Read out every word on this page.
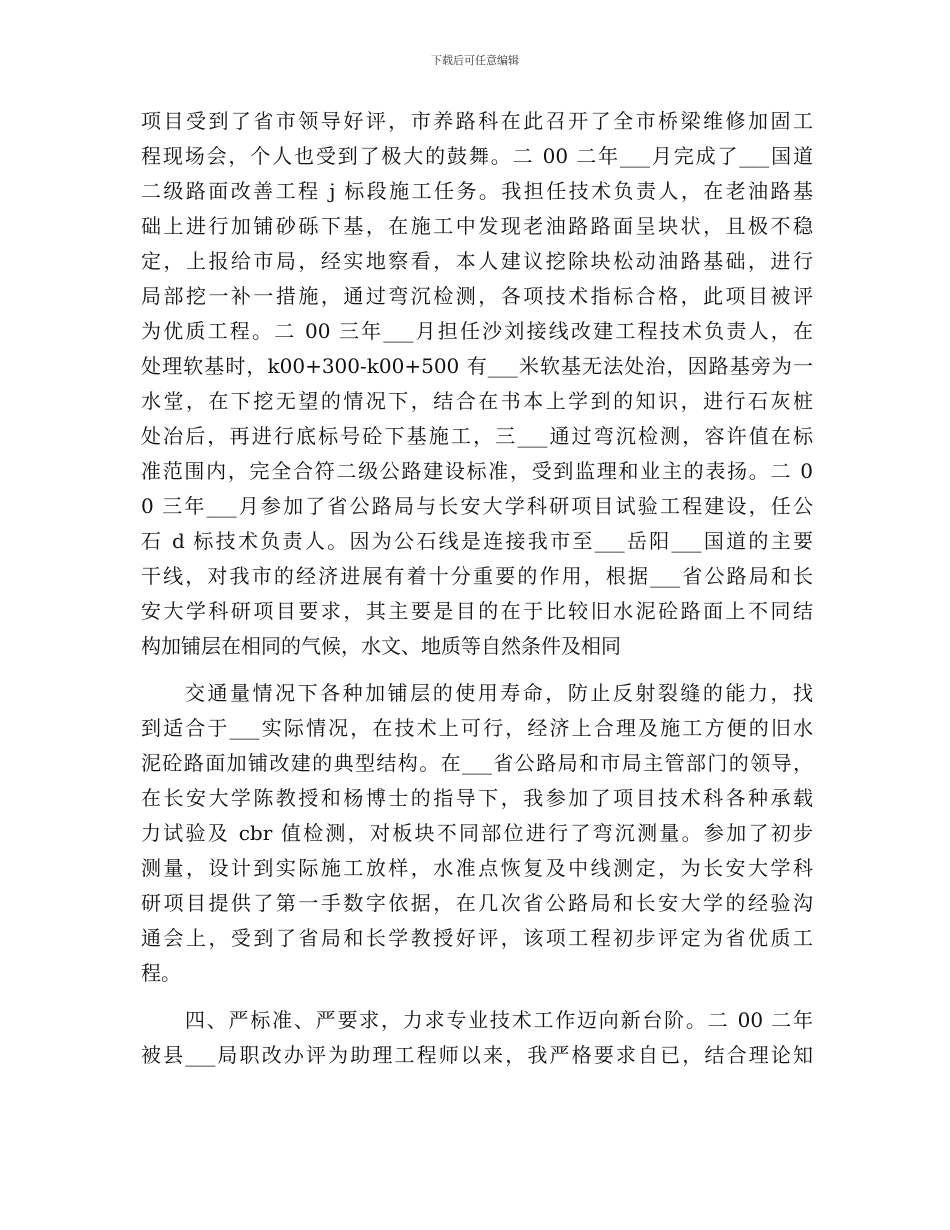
下载后可任意编辑
项目受到了省市领导好评，市养路科在此召开了全市桥梁维修加固工
程现场会，个人也受到了极大的鼓舞。二 00 二年___月完成了___国道
二级路面改善工程 j 标段施工任务。我担任技术负责人，在老油路基
础上进行加铺砂砾下基，在施工中发现老油路路面呈块状，且极不稳
定，上报给市局，经实地察看，本人建议挖除块松动油路基础，进行
局部挖一补一措施，通过弯沉检测，各项技术指标合格，此项目被评
为优质工程。二 00 三年___月担任沙刘接线改建工程技术负责人，在
处理软基时，k00+300-k00+500 有___米软基无法处治，因路基旁为一
水堂，在下挖无望的情况下，结合在书本上学到的知识，进行石灰桩
处冶后，再进行底标号砼下基施工，三___通过弯沉检测，容许值在标
准范围内，完全合符二级公路建设标准，受到监理和业主的表扬。二 0
0 三年___月参加了省公路局与长安大学科研项目试验工程建设，任公
石 d 标技术负责人。因为公石线是连接我市至___岳阳___国道的主要
干线，对我市的经济进展有着十分重要的作用，根据___省公路局和长
安大学科研项目要求，其主要是目的在于比较旧水泥砼路面上不同结
构加铺层在相同的气候，水文、地质等自然条件及相同
交通量情况下各种加铺层的使用寿命，防止反射裂缝的能力，找
到适合于___实际情况，在技术上可行，经济上合理及施工方便的旧水
泥砼路面加铺改建的典型结构。在___省公路局和市局主管部门的领导，
在长安大学陈教授和杨博士的指导下，我参加了项目技术科各种承载
力试验及 cbr 值检测，对板块不同部位进行了弯沉测量。参加了初步
测量，设计到实际施工放样，水准点恢复及中线测定，为长安大学科
研项目提供了第一手数字依据，在几次省公路局和长安大学的经验沟
通会上，受到了省局和长学教授好评，该项工程初步评定为省优质工
程。
四、严标准、严要求，力求专业技术工作迈向新台阶。二 00 二年
被县___局职改办评为助理工程师以来，我严格要求自已，结合理论知
